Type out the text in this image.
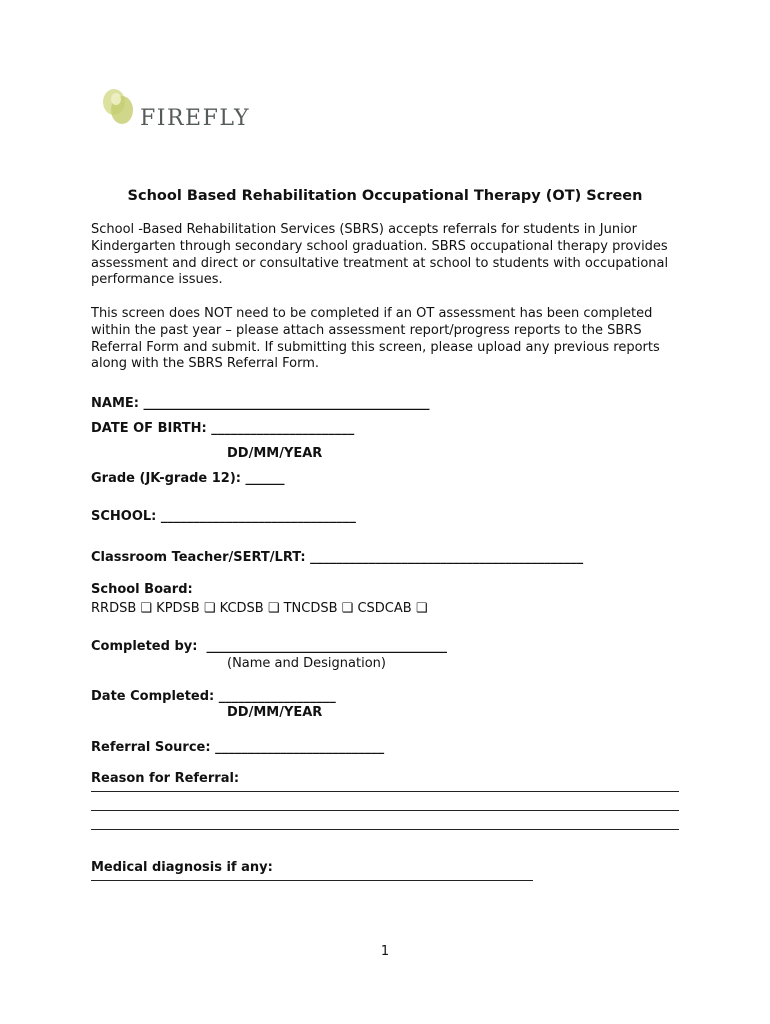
FIREFLY
School Based Rehabilitation Occupational Therapy (OT) Screen
School -Based Rehabilitation Services (SBRS) accepts referrals for students in Junior Kindergarten through secondary school graduation. SBRS occupational therapy provides assessment and direct or consultative treatment at school to students with occupational performance issues.
This screen does NOT need to be completed if an OT assessment has been completed within the past year – please attach assessment report/progress reports to the SBRS Referral Form and submit. If submitting this screen, please upload any previous reports along with the SBRS Referral Form.
NAME: ____________________________________________
DATE OF BIRTH: ______________________
DD/MM/YEAR
Grade (JK-grade 12): ______
SCHOOL: ______________________________
Classroom Teacher/SERT/LRT: __________________________________________
School Board:
RRDSB ❑ KPDSB ❑ KCDSB ❑ TNCDSB ❑ CSDCAB ❑
Completed by:  _____________________________________
(Name and Designation)
Date Completed: __________________
DD/MM/YEAR
Referral Source: __________________________
Reason for Referral:
Medical diagnosis if any:
1
